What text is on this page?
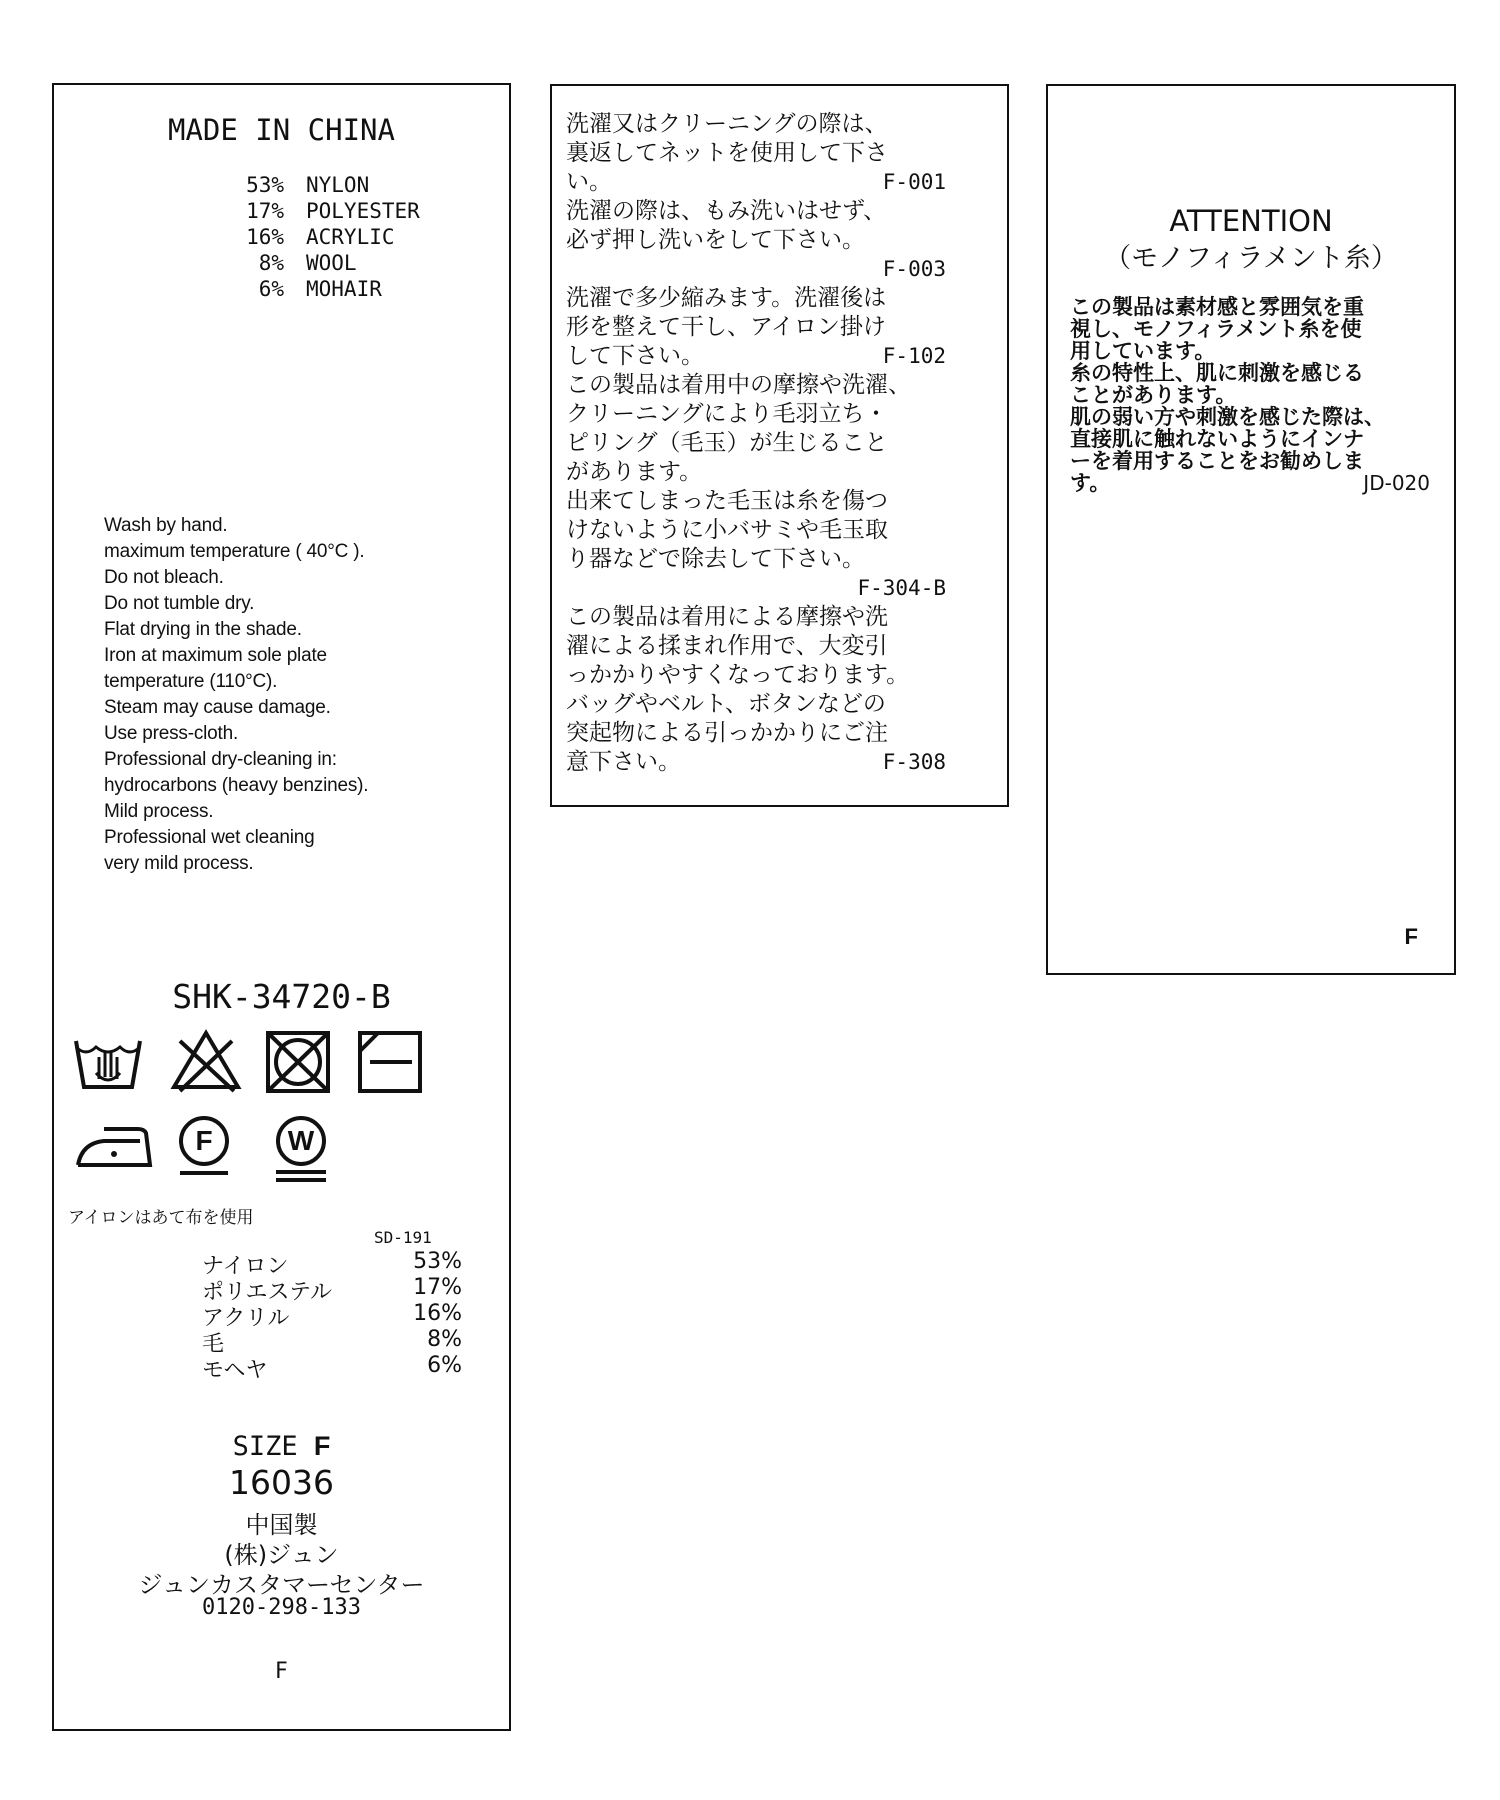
MADE IN CHINA
53% NYLON
17% POLYESTER
16% ACRYLIC
8% WOOL
6% MOHAIR
Wash by hand.
maximum temperature ( 40°C ).
Do not bleach.
Do not tumble dry.
Flat drying in the shade.
Iron at maximum sole plate
temperature (110°C).
Steam may cause damage.
Use press-cloth.
Professional dry-cleaning in:
hydrocarbons (heavy benzines).
Mild process.
Professional wet cleaning
very mild process.
SHK-34720-B
F	W
アイロンはあて布を使用
SD-191
ナイロン	53%
ポリエステル	17%
アクリル	16%
毛	8%
モヘヤ	6%
SIZE F
16036
中国製
(株)ジュン
ジュンカスタマーセンター
0120-298-133
F
洗濯又はクリーニングの際は、
裏返してネットを使用して下さ
い。	F-001
洗濯の際は、もみ洗いはせず、
必ず押し洗いをして下さい。
F-003
洗濯で多少縮みます。洗濯後は
形を整えて干し、アイロン掛け
して下さい。	F-102
この製品は着用中の摩擦や洗濯、
クリーニングにより毛羽立ち・
ピリング（毛玉）が生じること
があります。
出来てしまった毛玉は糸を傷つ
けないように小バサミや毛玉取
り器などで除去して下さい。
F-304-B
この製品は着用による摩擦や洗
濯による揉まれ作用で、大変引
っかかりやすくなっております。
バッグやベルト、ボタンなどの
突起物による引っかかりにご注
意下さい。	F-308
ATTENTION
（モノフィラメント糸）
この製品は素材感と雰囲気を重
視し、モノフィラメント糸を使
用しています。
糸の特性上、肌に刺激を感じる
ことがあります。
肌の弱い方や刺激を感じた際は、
直接肌に触れないようにインナ
ーを着用することをお勧めしま
す。	JD-020
F
